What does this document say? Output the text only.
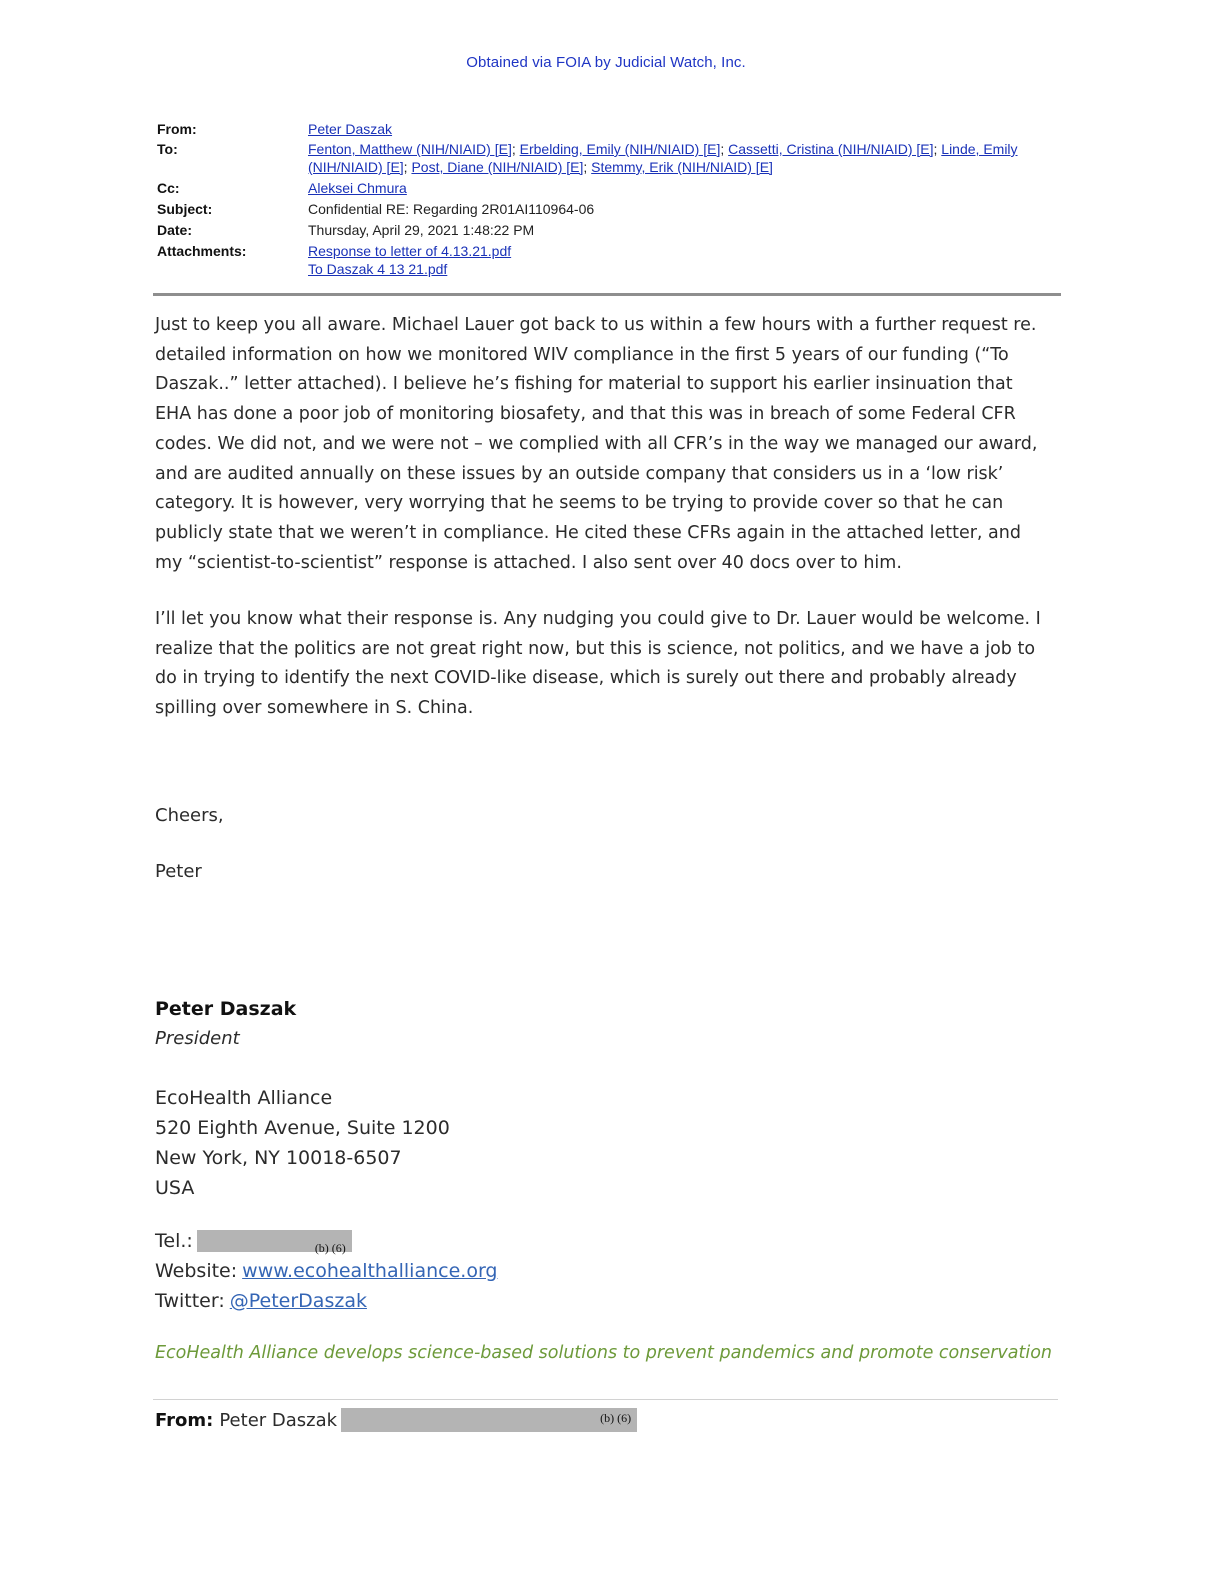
Obtained via FOIA by Judicial Watch, Inc.
From:	Peter Daszak
To:	Fenton, Matthew (NIH/NIAID) [E]; Erbelding, Emily (NIH/NIAID) [E]; Cassetti, Cristina (NIH/NIAID) [E]; Linde, Emily (NIH/NIAID) [E]; Post, Diane (NIH/NIAID) [E]; Stemmy, Erik (NIH/NIAID) [E]
Cc:	Aleksei Chmura
Subject:	Confidential RE: Regarding 2R01AI110964-06
Date:	Thursday, April 29, 2021 1:48:22 PM
Attachments:	Response to letter of 4.13.21.pdf
To Daszak 4 13 21.pdf
Just to keep you all aware. Michael Lauer got back to us within a few hours with a further request re.
detailed information on how we monitored WIV compliance in the first 5 years of our funding (“To
Daszak..” letter attached). I believe he’s fishing for material to support his earlier insinuation that
EHA has done a poor job of monitoring biosafety, and that this was in breach of some Federal CFR
codes. We did not, and we were not – we complied with all CFR’s in the way we managed our award,
and are audited annually on these issues by an outside company that considers us in a ‘low risk’
category. It is however, very worrying that he seems to be trying to provide cover so that he can
publicly state that we weren’t in compliance. He cited these CFRs again in the attached letter, and
my “scientist-to-scientist” response is attached. I also sent over 40 docs over to him.
I’ll let you know what their response is. Any nudging you could give to Dr. Lauer would be welcome. I
realize that the politics are not great right now, but this is science, not politics, and we have a job to
do in trying to identify the next COVID-like disease, which is surely out there and probably already
spilling over somewhere in S. China.
Cheers,
Peter
Peter Daszak
President
EcoHealth Alliance
520 Eighth Avenue, Suite 1200
New York, NY 10018-6507
USA
Tel.:	(b) (6)
Website: www.ecohealthalliance.org
Twitter: @PeterDaszak
EcoHealth Alliance develops science-based solutions to prevent pandemics and promote conservation
From: Peter Daszak	(b) (6)
